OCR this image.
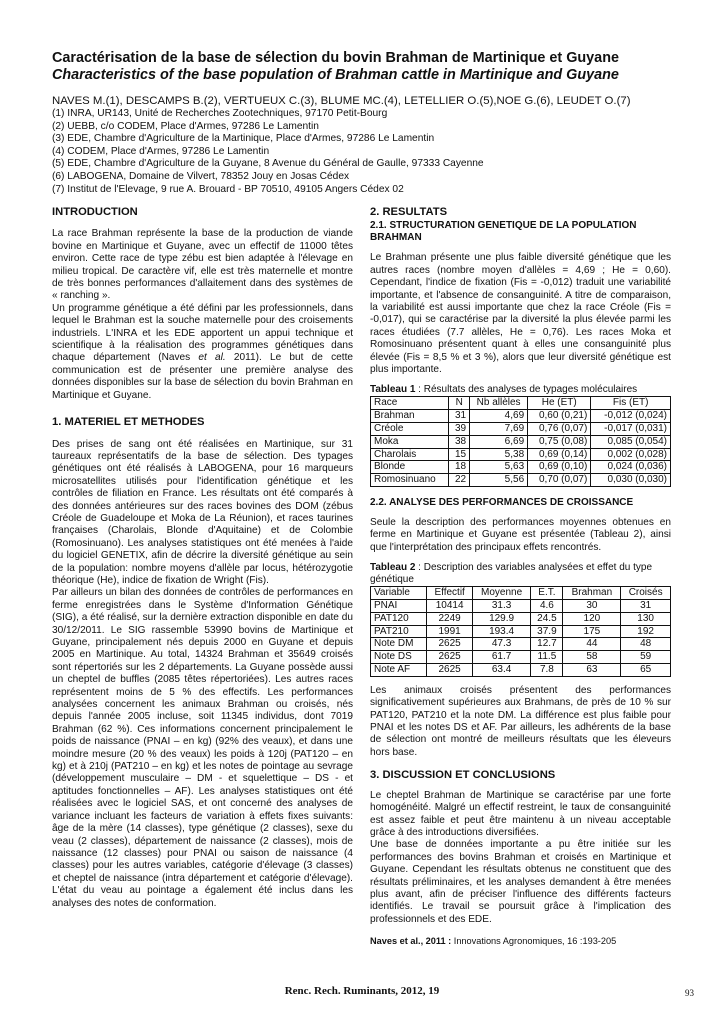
Caractérisation de la base de sélection du bovin Brahman de Martinique et Guyane

Characteristics of the base population of Brahman cattle in Martinique and Guyane

NAVES M.(1), DESCAMPS B.(2), VERTUEUX C.(3), BLUME MC.(4), LETELLIER O.(5),NOE G.(6), LEUDET O.(7)
(1) INRA, UR143, Unité de Recherches Zootechniques, 97170 Petit-Bourg
(2) UEBB, c/o CODEM, Place d'Armes, 97286 Le Lamentin
(3) EDE, Chambre d'Agriculture de la Martinique, Place d'Armes, 97286 Le Lamentin
(4) CODEM, Place d'Armes, 97286 Le Lamentin
(5) EDE, Chambre d'Agriculture de la Guyane, 8 Avenue du Général de Gaulle, 97333 Cayenne
(6) LABOGENA, Domaine de Vilvert, 78352 Jouy en Josas Cédex
(7) Institut de l'Elevage, 9 rue A. Brouard - BP 70510, 49105 Angers Cédex 02

INTRODUCTION

La race Brahman représente la base de la production de viande bovine en Martinique et Guyane, avec un effectif de 11000 têtes environ. Cette race de type zébu est bien adaptée à l'élevage en milieu tropical. De caractère vif, elle est très maternelle et montre de très bonnes performances d'allaitement dans des systèmes de « ranching ».

Un programme génétique a été défini par les professionnels, dans lequel le Brahman est la souche maternelle pour des croisements industriels. L'INRA et les EDE apportent un appui technique et scientifique à la réalisation des programmes génétiques dans chaque département (Naves et al. 2011). Le but de cette communication est de présenter une première analyse des données disponibles sur la base de sélection du bovin Brahman en Martinique et Guyane.

1. MATERIEL ET METHODES

Des prises de sang ont été réalisées en Martinique, sur 31 taureaux représentatifs de la base de sélection. Des typages génétiques ont été réalisés à LABOGENA, pour 16 marqueurs microsatellites utilisés pour l'identification génétique et les contrôles de filiation en France. Les résultats ont été comparés à des données antérieures sur des races bovines des DOM (zébus Créole de Guadeloupe et Moka de La Réunion), et races taurines françaises (Charolais, Blonde d'Aquitaine) et de Colombie (Romosinuano). Les analyses statistiques ont été menées à l'aide du logiciel GENETIX, afin de décrire la diversité génétique au sein de la population: nombre moyens d'allèle par locus, hétérozygotie théorique (He), indice de fixation de Wright (Fis).

Par ailleurs un bilan des données de contrôles de performances en ferme enregistrées dans le Système d'Information Génétique (SIG), a été réalisé, sur la dernière extraction disponible en date du 30/12/2011. Le SIG rassemble 53990 bovins de Martinique et Guyane, principalement nés depuis 2000 en Guyane et depuis 2005 en Martinique. Au total, 14324 Brahman et 35649 croisés sont répertoriés sur les 2 départements. La Guyane possède aussi un cheptel de buffles (2085 têtes répertoriées). Les autres races représentent moins de 5 % des effectifs. Les performances analysées concernent les animaux Brahman ou croisés, nés depuis l'année 2005 incluse, soit 11345 individus, dont 7019 Brahman (62 %). Ces informations concernent principalement le poids de naissance (PNAI – en kg) (92% des veaux), et dans une moindre mesure (20 % des veaux) les poids à 120j (PAT120 – en kg) et à 210j (PAT210 – en kg) et les notes de pointage au sevrage (développement musculaire – DM - et squelettique – DS - et aptitudes fonctionnelles – AF). Les analyses statistiques ont été réalisées avec le logiciel SAS, et ont concerné des analyses de variance incluant les facteurs de variation à effets fixes suivants: âge de la mère (14 classes), type génétique (2 classes), sexe du veau (2 classes), département de naissance (2 classes), mois de naissance (12 classes) pour PNAI ou saison de naissance (4 classes) pour les autres variables, catégorie d'élevage (3 classes) et cheptel de naissance (intra département et catégorie d'élevage). L'état du veau au pointage a également été inclus dans les analyses des notes de conformation.

2. RESULTATS

2.1. STRUCTURATION GENETIQUE DE LA POPULATION BRAHMAN

Le Brahman présente une plus faible diversité génétique que les autres races (nombre moyen d'allèles = 4,69 ; He = 0,60). Cependant, l'indice de fixation (Fis = -0,012) traduit une variabilité importante, et l'absence de consanguinité. A titre de comparaison, la variabilité est aussi importante que chez la race Créole (Fis = -0,017), qui se caractérise par la diversité la plus élevée parmi les races étudiées (7.7 allèles, He = 0,76). Les races Moka et Romosinuano présentent quant à elles une consanguinité plus élevée (Fis = 8,5 % et 3 %), alors que leur diversité génétique est plus importante.

Tableau 1 : Résultats des analyses de typages moléculaires

Race	N	Nb allèles	He (ET)	Fis (ET)
Brahman	31	4,69	0,60 (0,21)	-0,012 (0,024)
Créole	39	7,69	0,76 (0,07)	-0,017 (0,031)
Moka	38	6,69	0,75 (0,08)	0,085 (0,054)
Charolais	15	5,38	0,69 (0,14)	0,002 (0,028)
Blonde	18	5,63	0,69 (0,10)	0,024 (0,036)
Romosinuano	22	5,56	0,70 (0,07)	0,030 (0,030)

2.2. ANALYSE DES PERFORMANCES DE CROISSANCE

Seule la description des performances moyennes obtenues en ferme en Martinique et Guyane est présentée (Tableau 2), ainsi que l'interprétation des principaux effets rencontrés.

Tableau 2 : Description des variables analysées et effet du type génétique

Variable	Effectif	Moyenne	E.T.	Brahman	Croisés
PNAI	10414	31.3	4.6	30	31
PAT120	2249	129.9	24.5	120	130
PAT210	1991	193.4	37.9	175	192
Note DM	2625	47.3	12.7	44	48
Note DS	2625	61.7	11.5	58	59
Note AF	2625	63.4	7.8	63	65

Les animaux croisés présentent des performances significativement supérieures aux Brahmans, de près de 10 % sur PAT120, PAT210 et la note DM. La différence est plus faible pour PNAI et les notes DS et AF. Par ailleurs, les adhérents de la base de sélection ont montré de meilleurs résultats que les éleveurs hors base.

3. DISCUSSION ET CONCLUSIONS

Le cheptel Brahman de Martinique se caractérise par une forte homogénéité. Malgré un effectif restreint, le taux de consanguinité est assez faible et peut être maintenu à un niveau acceptable grâce à des introductions diversifiées.

Une base de données importante a pu être initiée sur les performances des bovins Brahman et croisés en Martinique et Guyane. Cependant les résultats obtenus ne constituent que des résultats préliminaires, et les analyses demandent à être menées plus avant, afin de préciser l'influence des différents facteurs identifiés. Le travail se poursuit grâce à l'implication des professionnels et des EDE.

Naves et al., 2011 : Innovations Agronomiques, 16 :193-205

Renc. Rech. Ruminants, 2012, 19	93
